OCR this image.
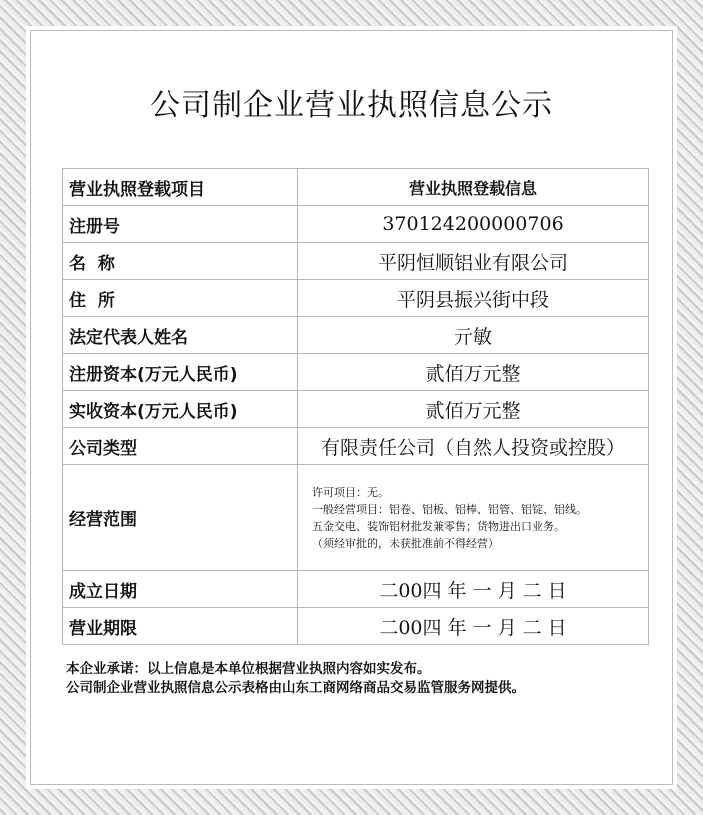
公司制企业营业执照信息公示
营业执照登载项目	营业执照登载信息
注册号	370124200000706
名  称	平阴恒顺铝业有限公司
住  所	平阴县振兴街中段
法定代表人姓名	亓敏
注册资本(万元人民币)	贰佰万元整
实收资本(万元人民币)	贰佰万元整
公司类型	有限责任公司（自然人投资或控股）
经营范围	许可项目：无。
一般经营项目：铝卷、铝板、铝棒、铝管、铝锭、铝线。
五金交电、装饰铝材批发兼零售；货物进出口业务。
（须经审批的，未获批准前不得经营）

成立日期	二00四 年 一 月 二 日
营业期限	二00四 年 一 月 二 日
本企业承诺：以上信息是本单位根据营业执照内容如实发布。
公司制企业营业执照信息公示表格由山东工商网络商品交易监管服务网提供。
